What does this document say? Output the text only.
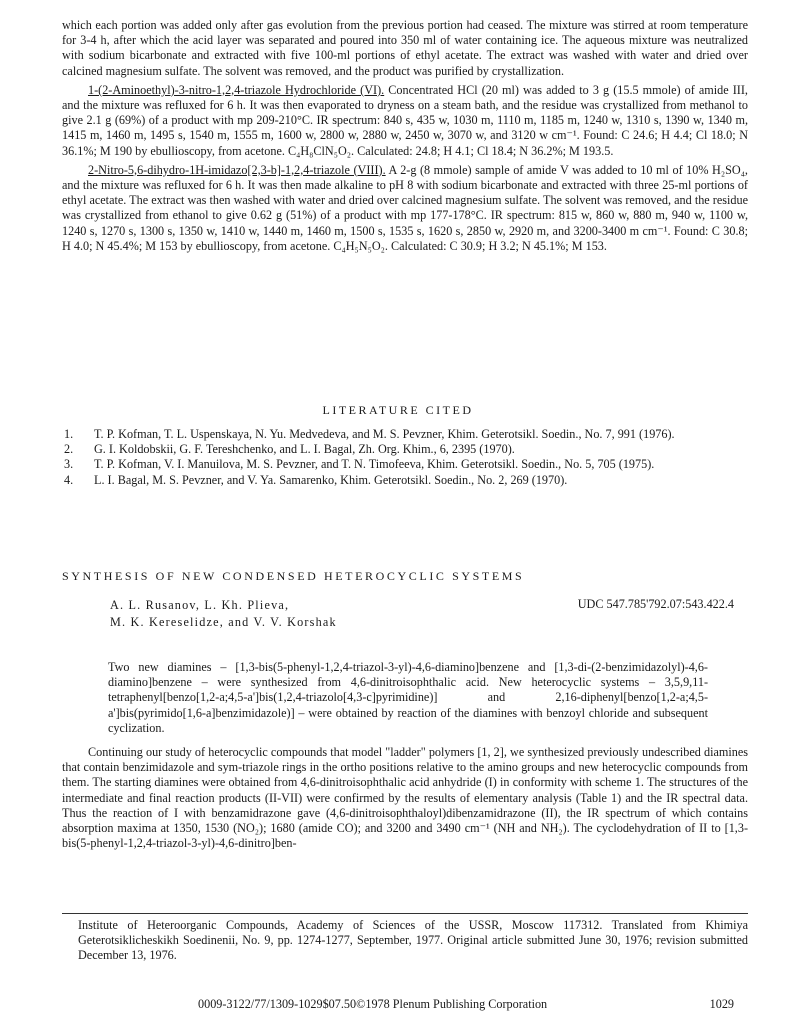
which each portion was added only after gas evolution from the previous portion had ceased. The mixture was stirred at room temperature for 3-4 h, after which the acid layer was separated and poured into 350 ml of water containing ice. The aqueous mixture was neutralized with sodium bicarbonate and extracted with five 100-ml portions of ethyl acetate. The extract was washed with water and dried over calcined magnesium sulfate. The solvent was removed, and the product was purified by crystallization.

1-(2-Aminoethyl)-3-nitro-1,2,4-triazole Hydrochloride (VI). Concentrated HCl (20 ml) was added to 3 g (15.5 mmole) of amide III, and the mixture was refluxed for 6 h. It was then evaporated to dryness on a steam bath, and the residue was crystallized from methanol to give 2.1 g (69%) of a product with mp 209-210°C. IR spectrum: 840 s, 435 w, 1030 m, 1110 m, 1185 m, 1240 w, 1310 s, 1390 w, 1340 m, 1415 m, 1460 m, 1495 s, 1540 m, 1555 m, 1600 w, 2800 w, 2880 w, 2450 w, 3070 w, and 3120 w cm⁻¹. Found: C 24.6; H 4.4; Cl 18.0; N 36.1%; M 190 by ebullioscopy, from acetone. C₄H₈ClN₅O₂. Calculated: 24.8; H 4.1; Cl 18.4; N 36.2%; M 193.5.

2-Nitro-5,6-dihydro-1H-imidazo[2,3-b]-1,2,4-triazole (VIII). A 2-g (8 mmole) sample of amide V was added to 10 ml of 10% H₂SO₄, and the mixture was refluxed for 6 h. It was then made alkaline to pH 8 with sodium bicarbonate and extracted with three 25-ml portions of ethyl acetate. The extract was then washed with water and dried over calcined magnesium sulfate. The solvent was removed, and the residue was crystallized from ethanol to give 0.62 g (51%) of a product with mp 177-178°C. IR spectrum: 815 w, 860 w, 880 m, 940 w, 1100 w, 1240 s, 1270 s, 1300 s, 1350 w, 1410 w, 1440 m, 1460 m, 1500 s, 1535 s, 1620 s, 2850 w, 2920 m, and 3200-3400 m cm⁻¹. Found: C 30.8; H 4.0; N 45.4%; M 153 by ebullioscopy, from acetone. C₄H₅N₅O₂. Calculated: C 30.9; H 3.2; N 45.1%; M 153.

LITERATURE CITED
1. T. P. Kofman, T. L. Uspenskaya, N. Yu. Medvedeva, and M. S. Pevzner, Khim. Geterotsikl. Soedin., No. 7, 991 (1976).
2. G. I. Koldobskii, G. F. Tereshchenko, and L. I. Bagal, Zh. Org. Khim., 6, 2395 (1970).
3. T. P. Kofman, V. I. Manuilova, M. S. Pevzner, and T. N. Timofeeva, Khim. Geterotsikl. Soedin., No. 5, 705 (1975).
4. L. I. Bagal, M. S. Pevzner, and V. Ya. Samarenko, Khim. Geterotsikl. Soedin., No. 2, 269 (1970).
SYNTHESIS OF NEW CONDENSED HETEROCYCLIC SYSTEMS
A. L. Rusanov, L. Kh. Plieva,
M. K. Kereselidze, and V. V. Korshak
UDC 547.785'792.07:543.422.4

Two new diamines – [1,3-bis(5-phenyl-1,2,4-triazol-3-yl)-4,6-diamino]benzene and [1,3-di-(2-benzimidazolyl)-4,6-diamino]benzene – were synthesized from 4,6-dinitroisophthalic acid. New heterocyclic systems – 3,5,9,11-tetraphenyl[benzo[1,2-a;4,5-a']bis(1,2,4-triazolo[4,3-c]pyrimidine)] and 2,16-diphenyl[benzo[1,2-a;4,5-a']bis(pyrimido[1,6-a]benzimidazole)] – were obtained by reaction of the diamines with benzoyl chloride and subsequent cyclization.

Continuing our study of heterocyclic compounds that model "ladder" polymers [1, 2], we synthesized previously undescribed diamines that contain benzimidazole and sym-triazole rings in the ortho positions relative to the amino groups and new heterocyclic compounds from them. The starting diamines were obtained from 4,6-dinitroisophthalic acid anhydride (I) in conformity with scheme 1. The structures of the intermediate and final reaction products (II-VII) were confirmed by the results of elementary analysis (Table 1) and the IR spectral data. Thus the reaction of I with benzamidrazone gave (4,6-dinitroisophthaloyl)dibenzamidrazone (II), the IR spectrum of which contains absorption maxima at 1350, 1530 (NO₂); 1680 (amide CO); and 3200 and 3490 cm⁻¹ (NH and NH₂). The cyclodehydration of II to [1,3-bis(5-phenyl-1,2,4-triazol-3-yl)-4,6-dinitro]ben-

Institute of Heteroorganic Compounds, Academy of Sciences of the USSR, Moscow 117312. Translated from Khimiya Geterotsiklicheskikh Soedinenii, No. 9, pp. 1274-1277, September, 1977. Original article submitted June 30, 1976; revision submitted December 13, 1976.

0009-3122/77/1309-1029$07.50©1978 Plenum Publishing Corporation	1029
